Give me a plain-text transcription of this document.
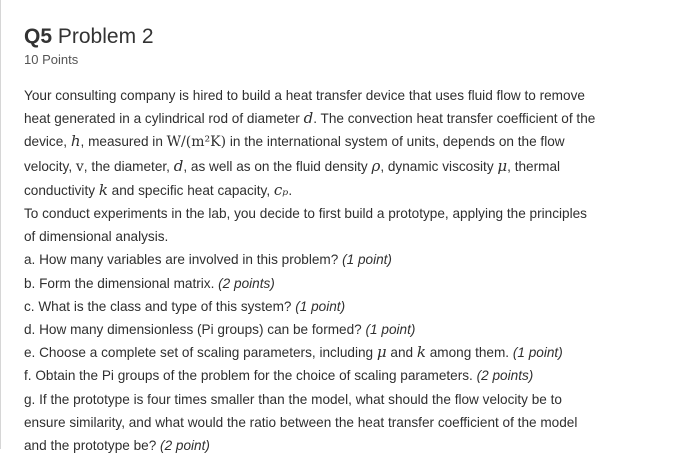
Q5 Problem 2
10 Points
Your consulting company is hired to build a heat transfer device that uses fluid flow to remove
heat generated in a cylindrical rod of diameter d. The convection heat transfer coefficient of the
device, h, measured in W/(m²K) in the international system of units, depends on the flow
velocity, v, the diameter, d, as well as on the fluid density ρ, dynamic viscosity μ, thermal
conductivity k and specific heat capacity, cₚ.
To conduct experiments in the lab, you decide to first build a prototype, applying the principles
of dimensional analysis.
a. How many variables are involved in this problem? (1 point)
b. Form the dimensional matrix. (2 points)
c. What is the class and type of this system? (1 point)
d. How many dimensionless (Pi groups) can be formed? (1 point)
e. Choose a complete set of scaling parameters, including μ and k among them. (1 point)
f. Obtain the Pi groups of the problem for the choice of scaling parameters. (2 points)
g. If the prototype is four times smaller than the model, what should the flow velocity be to
ensure similarity, and what would the ratio between the heat transfer coefficient of the model
and the prototype be? (2 point)
